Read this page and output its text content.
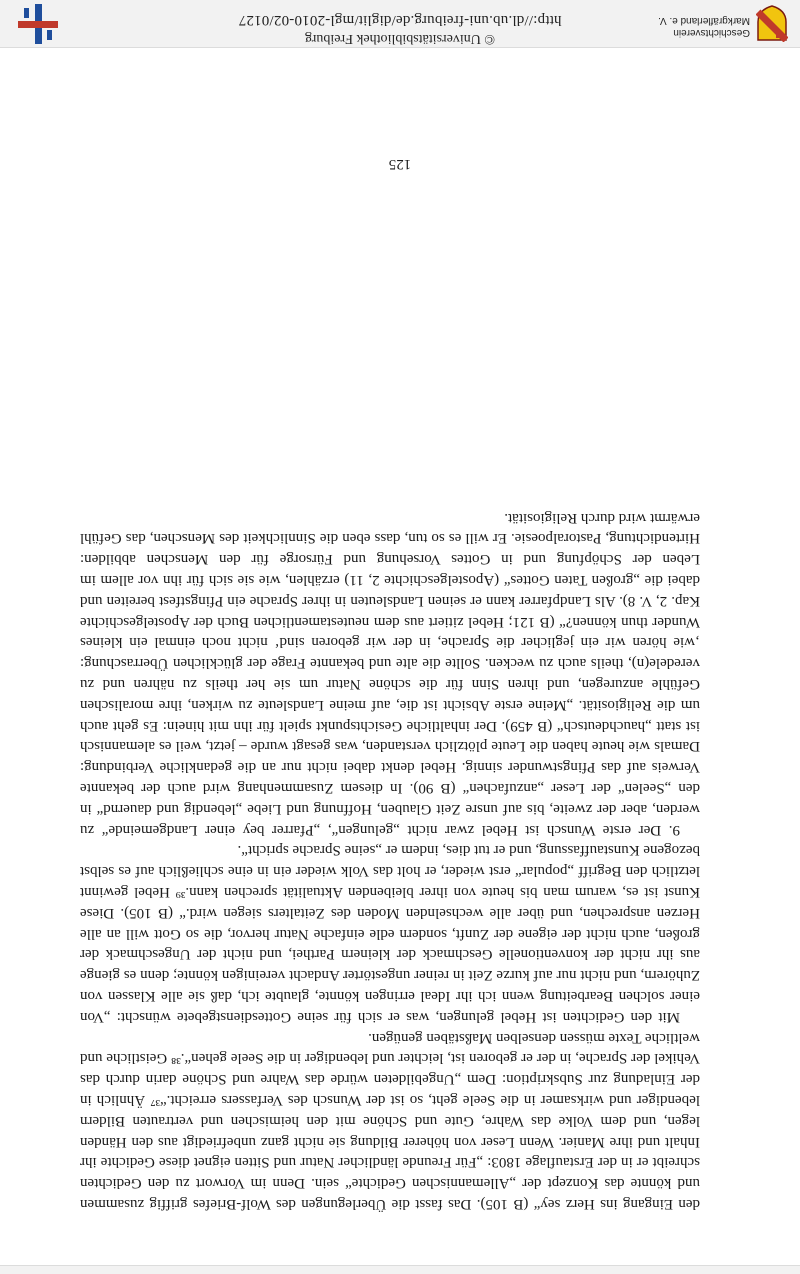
den Eingang ins Herz sey“ (B 105). Das fasst die Überlegungen des Wolf-Briefes griffig zusammen und könnte das Konzept der „Allemannischen Gedichte“ sein. Denn im Vorwort zu den Gedichten schreibt er in der Erstauflage 1803: „Für Freunde ländlicher Natur und Sitten eignet diese Gedichte ihr Inhalt und ihre Manier. Wenn Leser von höherer Bildung sie nicht ganz unbefriedigt aus den Händen legen, und dem Volke das Wahre, Gute und Schöne mit den heimischen und vertrauten Bildern lebendiger und wirksamer in die Seele geht, so ist der Wunsch des Verfassers erreicht.“³⁷ Ähnlich in der Einladung zur Subskription: Dem „Ungebildeten würde das Wahre und Schöne darin durch das Vehikel der Sprache, in der er geboren ist, leichter und lebendiger in die Seele gehen“.³⁸ Geistliche und weltliche Texte müssen denselben Maßstäben genügen.

Mit den Gedichten ist Hebel gelungen, was er sich für seine Gottesdienstgebete wünscht: „Von einer solchen Bearbeitung wenn ich ihr Ideal erringen könnte, glaubte ich, daß sie alle Klassen von Zuhörern, und nicht nur auf kurze Zeit in reiner ungestörter Andacht vereinigen könnte; denn es gienge aus ihr nicht der konventionelle Geschmack der kleinern Parthei, und nicht der Ungeschmack der großen, auch nicht der eigene der Zunft, sondern edle einfache Natur hervor, die so Gott will an alle Herzen ansprechen, und über alle wechselnden Moden des Zeitalters siegen wird.“ (B 105). Diese Kunst ist es, warum man bis heute von ihrer bleibenden Aktualität sprechen kann.³⁹ Hebel gewinnt letztlich den Begriff „popular“ erst wieder, er holt das Volk wieder ein in eine schließlich auf es selbst bezogene Kunstauffassung, und er tut dies, indem er „seine Sprache spricht“.

9. Der erste Wunsch ist Hebel zwar nicht „gelungen“, „Pfarrer bey einer Landgemeinde“ zu werden, aber der zweite, bis auf unsre Zeit Glauben, Hoffnung und Liebe „lebendig und dauernd“ in den „Seelen“ der Leser „anzufachen“ (B 90). In diesem Zusammenhang wird auch der bekannte Verweis auf das Pfingstwunder sinnig. Hebel denkt dabei nicht nur an die gedankliche Verbindung: Damals wie heute haben die Leute plötzlich verstanden, was gesagt wurde – jetzt, weil es alemannisch ist statt „hauchdeutsch“ (B 459). Der inhaltliche Gesichtspunkt spielt für ihn mit hinein: Es geht auch um die Religiosität. „Meine erste Absicht ist die, auf meine Landsleute zu wirken, ihre moralischen Gefühle anzuregen, und ihren Sinn für die schöne Natur um sie her theils zu nähren und zu veredele(n), theils auch zu wecken. Sollte die alte und bekannte Frage der glücklichen Überraschung: ‚wie hören wir ein jeglicher die Sprache, in der wir geboren sind‘ nicht noch einmal ein kleines Wunder thun können?“ (B 121; Hebel zitiert aus dem neutestamentlichen Buch der Apostelgeschichte Kap. 2, V. 8). Als Landpfarrer kann er seinen Landsleuten in ihrer Sprache ein Pfingstfest bereiten und dabei die „großen Taten Gottes“ (Apostelgeschichte 2, 11) erzählen, wie sie sich für ihn vor allem im Leben der Schöpfung und in Gottes Vorsehung und Fürsorge für den Menschen abbilden: Hirtendichtung, Pastoralpoesie. Er will es so tun, dass eben die Sinnlichkeit des Menschen, das Gefühl erwärmt wird durch Religiosität.

125
© Universitätsbibliothek Freiburg
http://dl.ub.uni-freiburg.de/diglit/mgl-2010-02/0127
Geschichtsverein Markgräflerland e. V.
